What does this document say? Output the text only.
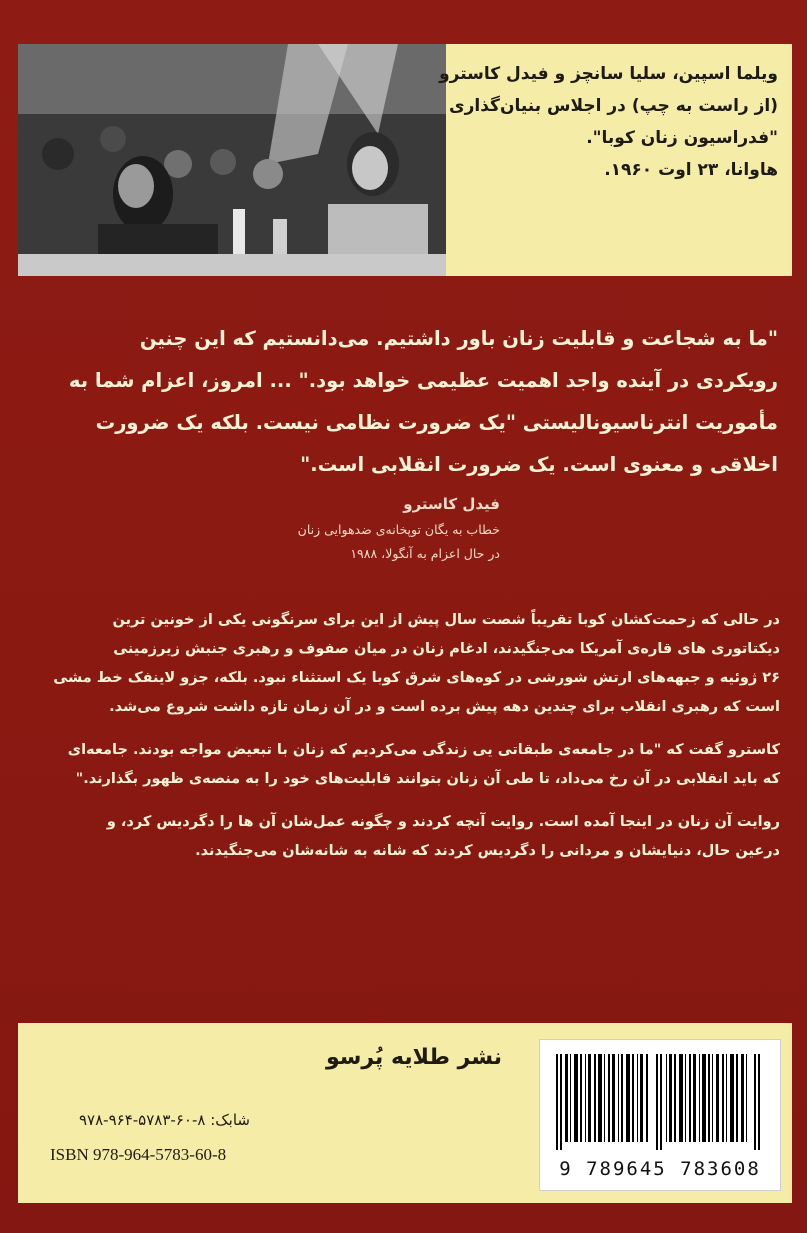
ویلما اسپین، سلیا سانچز و فیدل کاسترو
(از راست به چپ) در اجلاس بنیان‌گذاری
"فدراسیون زنان کوبا".
هاوانا، ۲۳ اوت ۱۹۶۰.
"ما به شجاعت و قابلیت زنان باور داشتیم. می‌دانستیم که این چنین
رویکردی در آینده واجد اهمیت عظیمی خواهد بود." ... امروز، اعزام شما به
مأموریت انترناسیونالیستی "یک ضرورت نظامی نیست. بلکه یک ضرورت
اخلاقی و معنوی است. یک ضرورت انقلابی است."
فیدل کاسترو
خطاب به یگان توپخانه‌ی ضدهوایی زنان
در حال اعزام به آنگولا، ۱۹۸۸
در حالی که زحمت‌کشان کوبا تقریباً شصت سال پیش از این برای سرنگونی یکی از خونین ترین
دیکتاتوری های قاره‌ی آمریکا می‌جنگیدند، ادغام زنان در میان صفوف و رهبری جنبش زیرزمینی
۲۶ ژوئیه و جبهه‌های ارتش شورشی در کوه‌های شرق کوبا یک استثناء نبود. بلکه، جزو لاینفک خط مشی
است که رهبری انقلاب برای چندین دهه پیش برده است و در آن زمان تازه داشت شروع می‌شد.
کاسترو گفت که "ما در جامعه‌ی طبقاتی یی زندگی می‌کردیم که زنان با تبعیض مواجه بودند. جامعه‌ای
که باید انقلابی در آن رخ می‌داد، تا طی آن زنان بتوانند قابلیت‌های خود را به منصه‌ی ظهور بگذارند."
روایت آن زنان در اینجا آمده است. روایت آنچه کردند و چگونه عمل‌شان آن ها را دگردیس کرد، و
درعین حال، دنیایشان و مردانی را دگردیس کردند که شانه به شانه‌شان می‌جنگیدند.
نشر طلایه پُرسو
شابک: ۸-۶۰-۵۷۸۳-۹۶۴-۹۷۸
ISBN 978-964-5783-60-8
9 789645 783608
